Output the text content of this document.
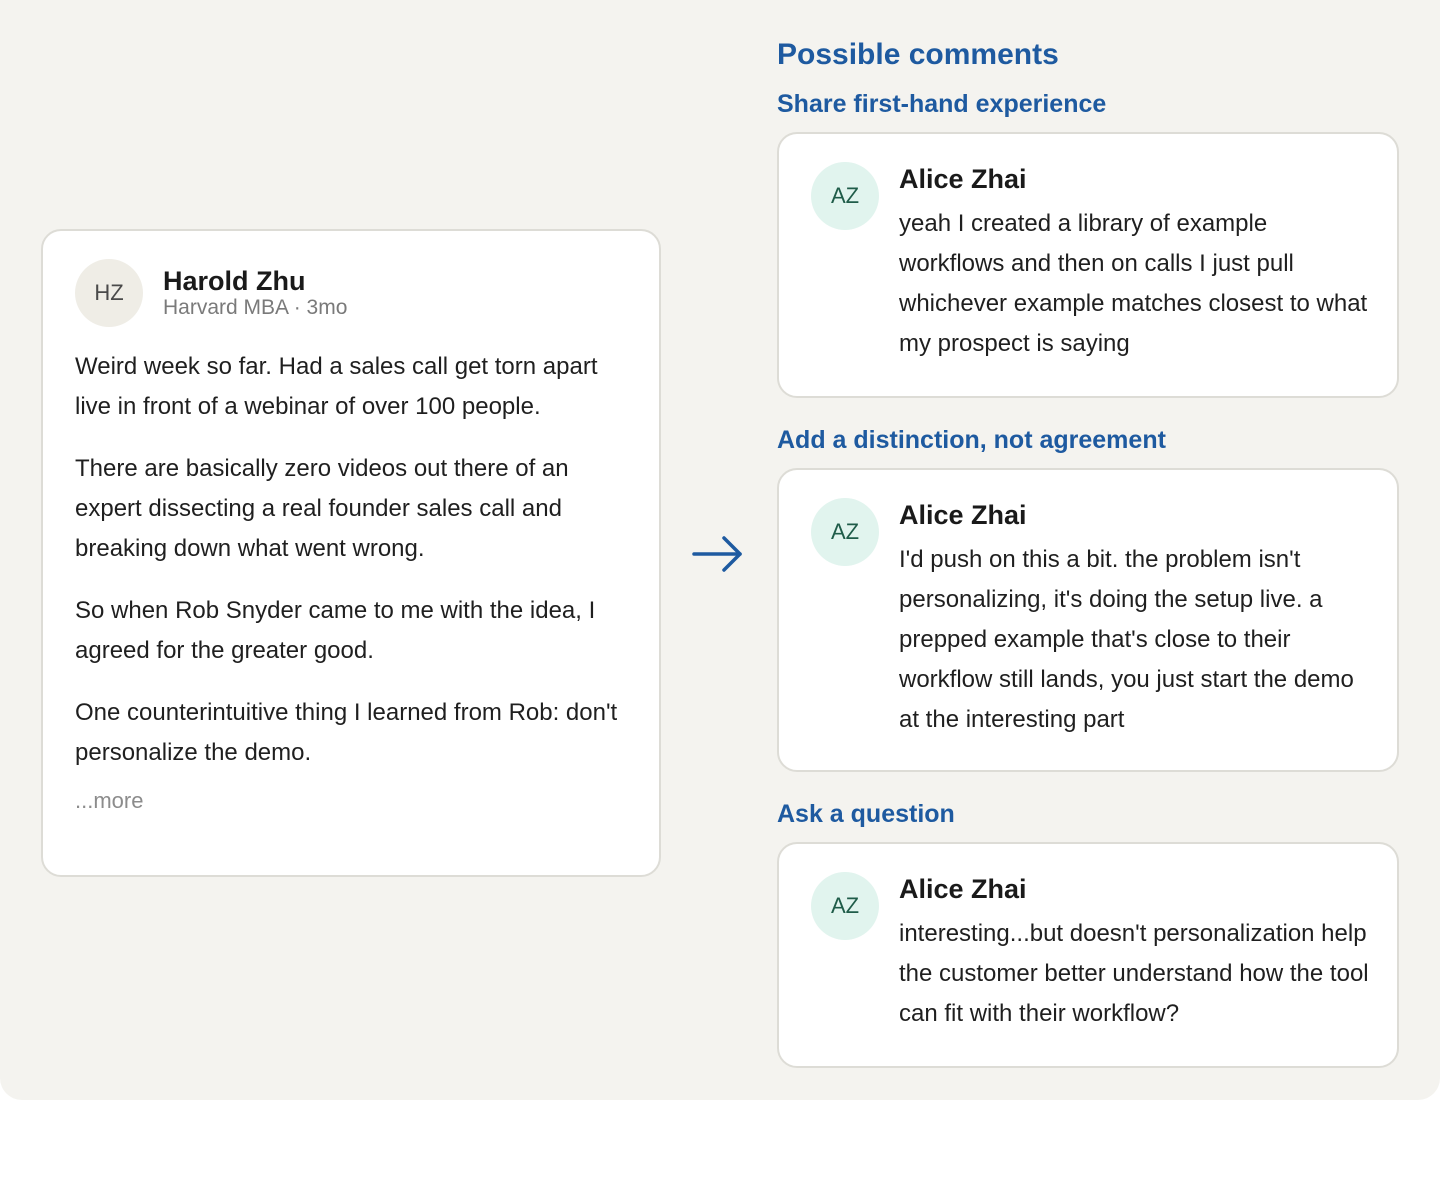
HZ	Harold Zhu
Harvard MBA · 3mo

Weird week so far. Had a sales call get torn apart live in front of a webinar of over 100 people.

There are basically zero videos out there of an expert dissecting a real founder sales call and breaking down what went wrong.

So when Rob Snyder came to me with the idea, I agreed for the greater good.

One counterintuitive thing I learned from Rob: don't personalize the demo.

...more
Possible comments
Share first-hand experience
AZ
Alice Zhai
yeah I created a library of example workflows and then on calls I just pull whichever example matches closest to what my prospect is saying
Add a distinction, not agreement
AZ
Alice Zhai
I'd push on this a bit. the problem isn't personalizing, it's doing the setup live. a prepped example that's close to their workflow still lands, you just start the demo at the interesting part
Ask a question
AZ
Alice Zhai
interesting...but doesn't personalization help the customer better understand how the tool can fit with their workflow?
